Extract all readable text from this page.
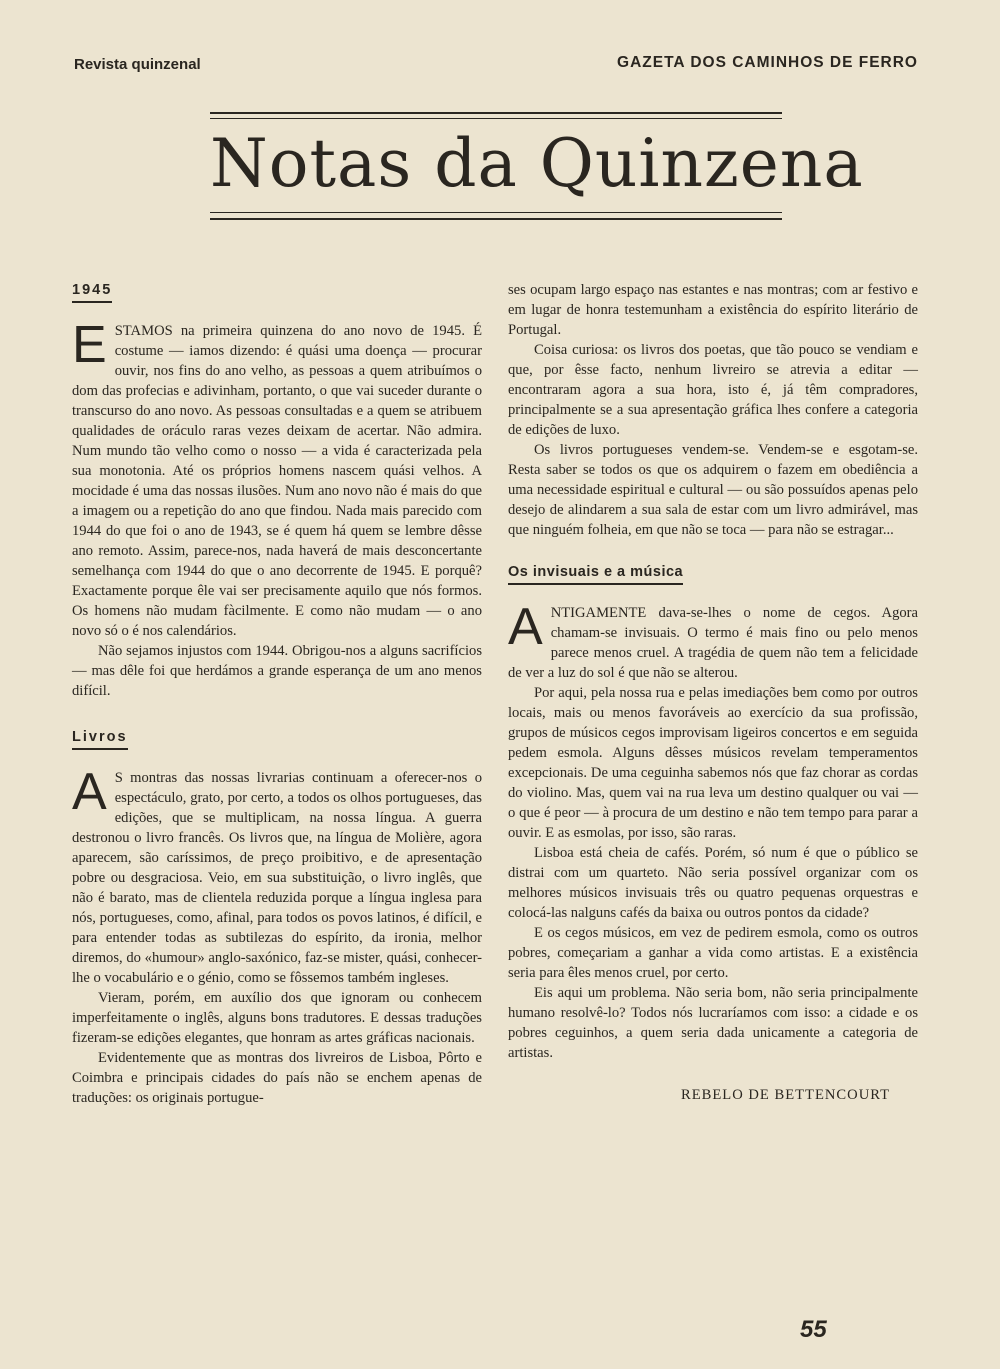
Revista quinzenal	GAZETA DOS CAMINHOS DE FERRO
Notas da Quinzena
1945

ESTAMOS na primeira quinzena do ano novo de 1945. É costume — iamos dizendo: é quási uma doença — procurar ouvir, nos fins do ano velho, as pessoas a quem atribuímos o dom das profecias e adivinham, portanto, o que vai suceder durante o transcurso do ano novo. As pessoas consultadas e a quem se atribuem qualidades de oráculo raras vezes deixam de acertar. Não admira. Num mundo tão velho como o nosso — a vida é caracterizada pela sua monotonia. Até os próprios homens nascem quási velhos. A mocidade é uma das nossas ilusões. Num ano novo não é mais do que a imagem ou a repetição do ano que findou. Nada mais parecido com 1944 do que foi o ano de 1943, se é quem há quem se lembre dêsse ano remoto. Assim, parece-nos, nada haverá de mais desconcertante semelhança com 1944 do que o ano decorrente de 1945. E porquê? Exactamente porque êle vai ser precisamente aquilo que nós formos. Os homens não mudam fàcilmente. E como não mudam — o ano novo só o é nos calendários.

Não sejamos injustos com 1944. Obrigou-nos a alguns sacrifícios — mas dêle foi que herdámos a grande esperança de um ano menos difícil.

Livros

A S montras das nossas livrarias continuam a oferecer-nos o espectáculo, grato, por certo, a todos os olhos portugueses, das edições, que se multiplicam, na nossa língua. A guerra destronou o livro francês. Os livros que, na língua de Molière, agora aparecem, são caríssimos, de preço proibitivo, e de apresentação pobre ou desgraciosa. Veio, em sua substituição, o livro inglês, que não é barato, mas de clientela reduzida porque a língua inglesa para nós, portugueses, como, afinal, para todos os povos latinos, é difícil, e para entender todas as subtilezas do espírito, da ironia, melhor diremos, do «humour» anglo-saxónico, faz-se mister, quási, conhecer-lhe o vocabulário e o génio, como se fôssemos também ingleses.

Vieram, porém, em auxílio dos que ignoram ou conhecem imperfeitamente o inglês, alguns bons tradutores. E dessas traduções fizeram-se edições elegantes, que honram as artes gráficas nacionais.

Evidentemente que as montras dos livreiros de Lisboa, Pôrto e Coimbra e principais cidades do país não se enchem apenas de traduções: os originais portugue-

ses ocupam largo espaço nas estantes e nas montras; com ar festivo e em lugar de honra testemunham a existência do espírito literário de Portugal.

Coisa curiosa: os livros dos poetas, que tão pouco se vendiam e que, por êsse facto, nenhum livreiro se atrevia a editar — encontraram agora a sua hora, isto é, já têm compradores, principalmente se a sua apresentação gráfica lhes confere a categoria de edições de luxo.

Os livros portugueses vendem-se. Vendem-se e esgotam-se. Resta saber se todos os que os adquirem o fazem em obediência a uma necessidade espiritual e cultural — ou são possuídos apenas pelo desejo de alindarem a sua sala de estar com um livro admirável, mas que ninguém folheia, em que não se toca — para não se estragar...

Os invisuais e a música

ANTIGAMENTE dava-se-lhes o nome de cegos. Agora chamam-se invisuais. O termo é mais fino ou pelo menos parece menos cruel. A tragédia de quem não tem a felicidade de ver a luz do sol é que não se alterou.

Por aqui, pela nossa rua e pelas imediações bem como por outros locais, mais ou menos favoráveis ao exercício da sua profissão, grupos de músicos cegos improvisam ligeiros concertos e em seguida pedem esmola. Alguns dêsses músicos revelam temperamentos excepcionais. De uma ceguinha sabemos nós que faz chorar as cordas do violino. Mas, quem vai na rua leva um destino qualquer ou vai — o que é peor — à procura de um destino e não tem tempo para parar a ouvir. E as esmolas, por isso, são raras.

Lisboa está cheia de cafés. Porém, só num é que o público se distrai com um quarteto. Não seria possível organizar com os melhores músicos invisuais três ou quatro pequenas orquestras e colocá-las nalguns cafés da baixa ou outros pontos da cidade?

E os cegos músicos, em vez de pedirem esmola, como os outros pobres, começariam a ganhar a vida como artistas. E a existência seria para êles menos cruel, por certo.

Eis aqui um problema. Não seria bom, não seria principalmente humano resolvê-lo? Todos nós lucraríamos com isso: a cidade e os pobres ceguinhos, a quem seria dada unicamente a categoria de artistas.

REBELO DE BETTENCOURT
55
